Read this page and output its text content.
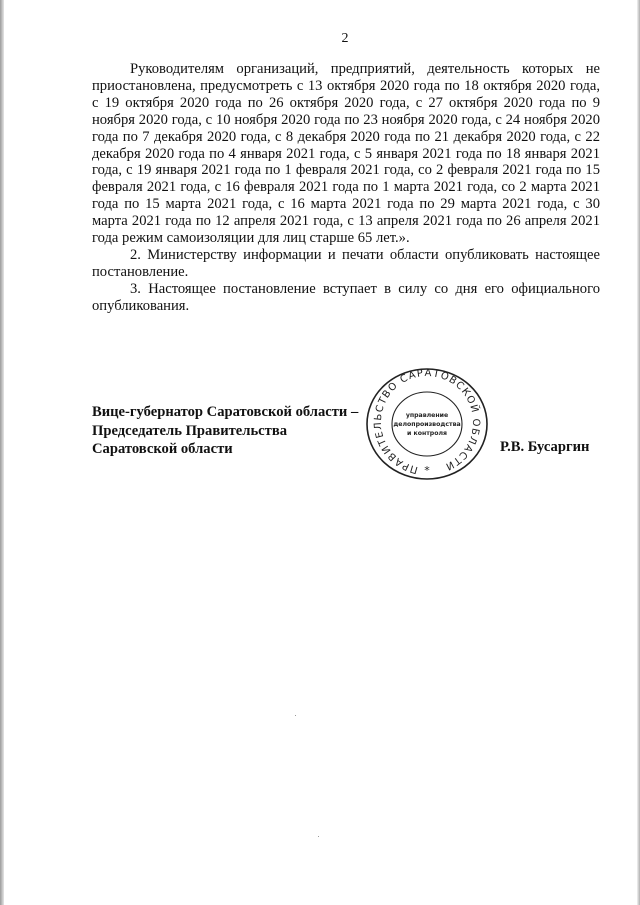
2

Руководителям организаций, предприятий, деятельность которых не приостановлена, предусмотреть с 13 октября 2020 года по 18 октября 2020 года, с 19 октября 2020 года по 26 октября 2020 года, с 27 октября 2020 года по 9 ноября 2020 года, с 10 ноября 2020 года по 23 ноября 2020 года, с 24 ноября 2020 года по 7 декабря 2020 года, с 8 декабря 2020 года по 21 декабря 2020 года, с 22 декабря 2020 года по 4 января 2021 года, с 5 января 2021 года по 18 января 2021 года, с 19 января 2021 года по 1 февраля 2021 года, со 2 февраля 2021 года по 15 февраля 2021 года, с 16 февраля 2021 года по 1 марта 2021 года, со 2 марта 2021 года по 15 марта 2021 года, с 16 марта 2021 года по 29 марта 2021 года, с 30 марта 2021 года по 12 апреля 2021 года, с 13 апреля 2021 года по 26 апреля 2021 года режим самоизоляции для лиц старше 65 лет.».

2. Министерству информации и печати области опубликовать настоящее постановление.

3. Настоящее постановление вступает в силу со дня его официального опубликования.

Вице-губернатор Саратовской области –
Председатель Правительства
Саратовской области
ПРАВИТЕЛЬСТВО САРАТОВСКОЙ ОБЛАСТИ
управление
делопроизводства
и контроля
*
Р.В. Бусаргин
